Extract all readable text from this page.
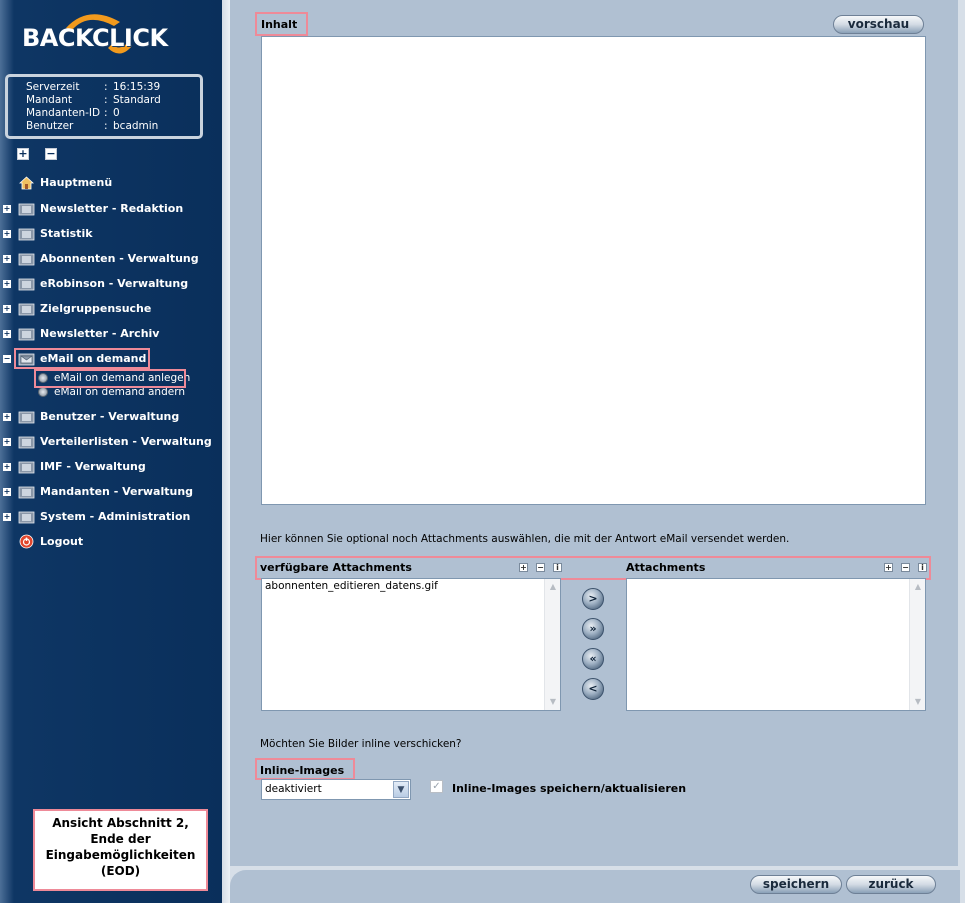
BACKCLICK
Serverzeit	: 16:15:39
Mandant	: Standard
Mandanten-ID : 0
Benutzer	: bcadmin
+ −
Hauptmenü
+	Newsletter - Redaktion
+	Statistik
+	Abonnenten - Verwaltung
+	eRobinson - Verwaltung
+	Zielgruppensuche
+	Newsletter - Archiv
−	eMail on demand
eMail on demand anlegen
eMail on demand ändern
+	Benutzer - Verwaltung
+	Verteilerlisten - Verwaltung
+	IMF - Verwaltung
+	Mandanten - Verwaltung
+	System - Administration
Logout
Ansicht Abschnitt 2, Ende der Eingabemöglichkeiten (EOD)
Inhalt	vorschau
Hier können Sie optional noch Attachments auswählen, die mit der Antwort eMail versendet werden.
verfügbare Attachments	+ −	i	Attachments	+ −	i
abonnenten_editieren_datens.gif	▲
▼
>
»
«
<
▲
▼
Möchten Sie Bilder inline verschicken?
Inline-Images
deaktiviert	▼	✓ Inline-Images speichern/aktualisieren
speichern	zurück
